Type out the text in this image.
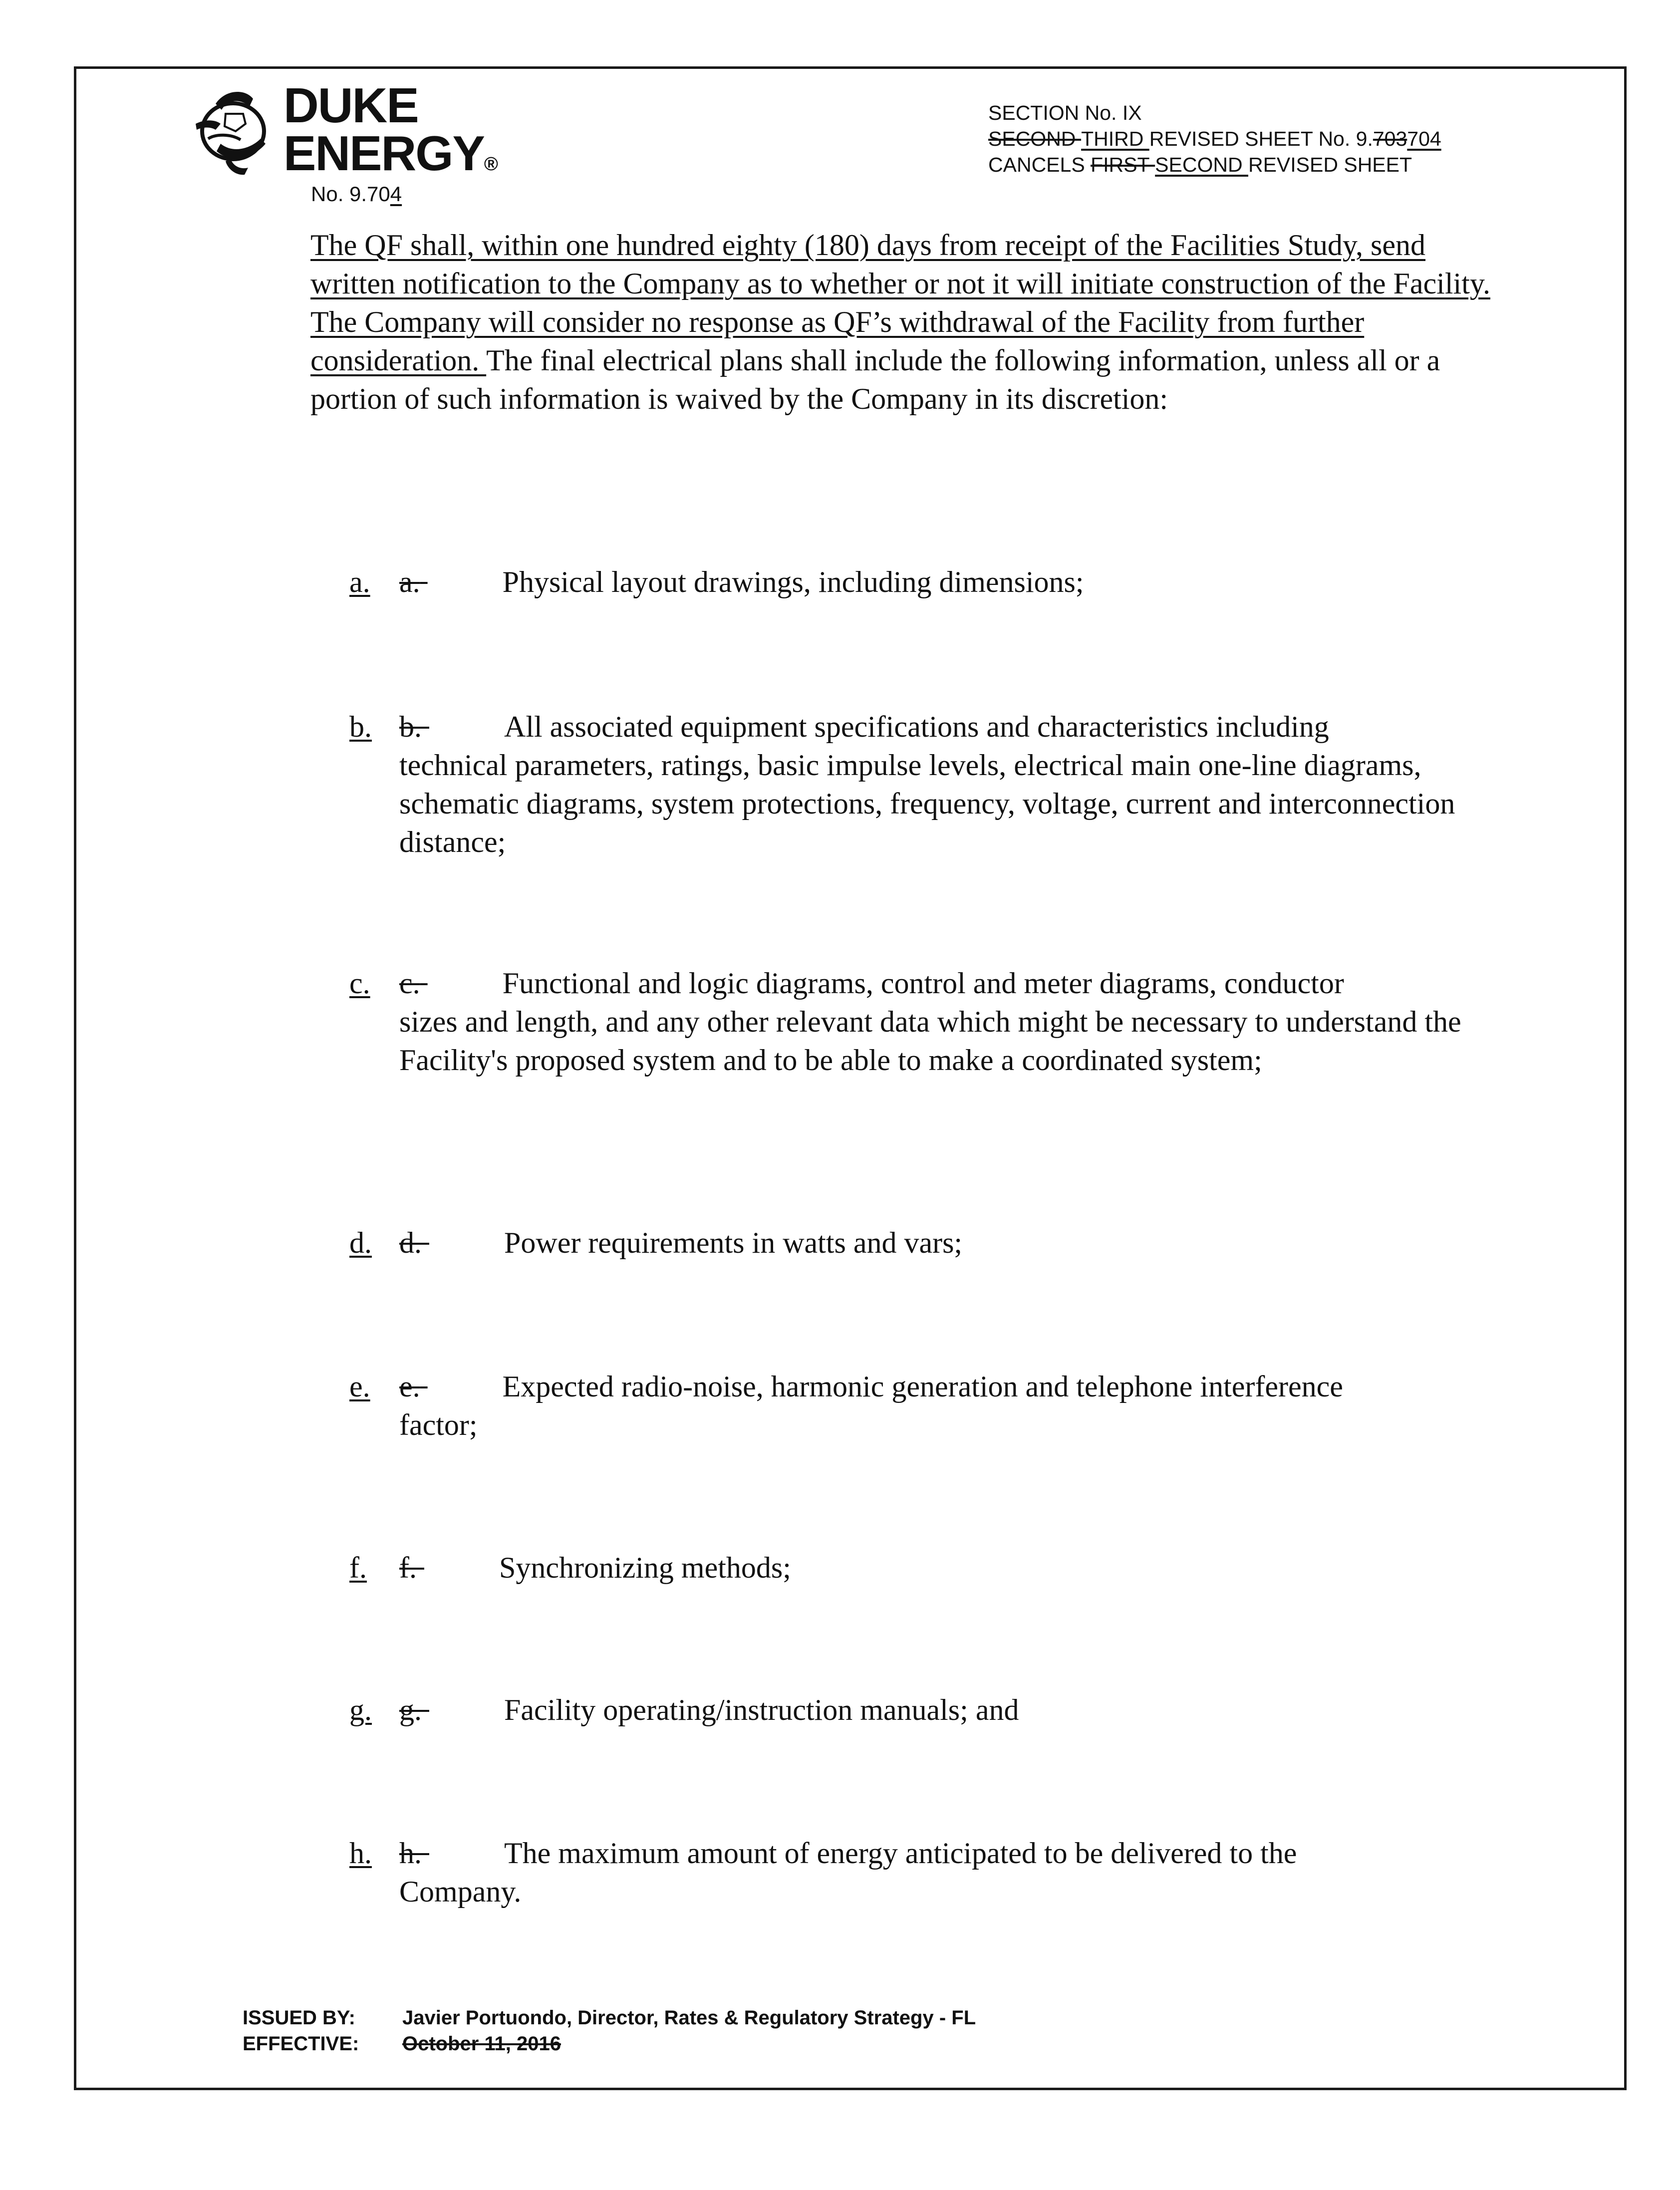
DUKE
ENERGY®
No. 9.704
SECTION No. IX
SECOND THIRD REVISED SHEET No. 9.703704
CANCELS FIRST SECOND REVISED SHEET
The QF shall, within one hundred eighty (180) days from receipt of the Facilities Study, send written notification to the Company as to whether or not it will initiate construction of the Facility. The Company will consider no response as QF’s withdrawal of the Facility from further consideration. The final electrical plans shall include the following information, unless all or a portion of such information is waived by the Company in its discretion:
a. a.	Physical layout drawings, including dimensions;
b. b.	All associated equipment specifications and characteristics including
technical parameters, ratings, basic impulse levels, electrical main one-line diagrams, schematic diagrams, system protections, frequency, voltage, current and interconnection distance;
c. c.	Functional and logic diagrams, control and meter diagrams, conductor
sizes and length, and any other relevant data which might be necessary to understand the Facility's proposed system and to be able to make a coordinated system;
d. d.	Power requirements in watts and vars;
e. e.	Expected radio-noise, harmonic generation and telephone interference
factor;
f. f.	Synchronizing methods;
g. g.	Facility operating/instruction manuals; and
h. h.	The maximum amount of energy anticipated to be delivered to the
Company.
ISSUED BY: Javier Portuondo, Director, Rates & Regulatory Strategy - FL
EFFECTIVE: October 11, 2016
